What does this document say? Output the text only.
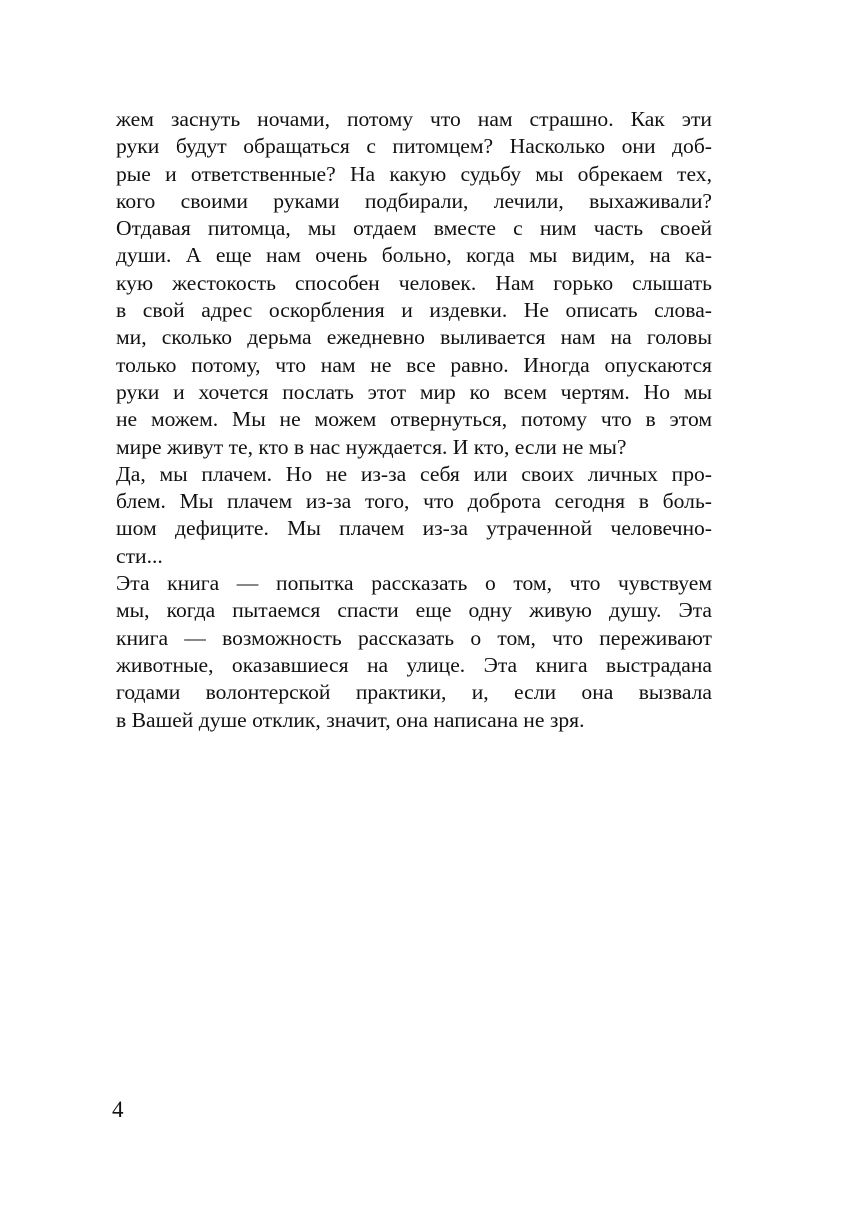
жем заснуть ночами, потому что нам страшно. Как эти
руки будут обращаться с питомцем? Насколько они доб-
рые и ответственные? На какую судьбу мы обрекаем тех,
кого своими руками подбирали, лечили, выхаживали?
Отдавая питомца, мы отдаем вместе с ним часть своей
души. А еще нам очень больно, когда мы видим, на ка-
кую жестокость способен человек. Нам горько слышать
в свой адрес оскорбления и издевки. Не описать слова-
ми, сколько дерьма ежедневно выливается нам на головы
только потому, что нам не все равно. Иногда опускаются
руки и хочется послать этот мир ко всем чертям. Но мы
не можем. Мы не можем отвернуться, потому что в этом
мире живут те, кто в нас нуждается. И кто, если не мы?
Да, мы плачем. Но не из-за себя или своих личных про-
блем. Мы плачем из-за того, что доброта сегодня в боль-
шом дефиците. Мы плачем из-за утраченной человечно-
сти...
Эта книга — попытка рассказать о том, что чувствуем
мы, когда пытаемся спасти еще одну живую душу. Эта
книга — возможность рассказать о том, что переживают
животные, оказавшиеся на улице. Эта книга выстрадана
годами волонтерской практики, и, если она вызвала
в Вашей душе отклик, значит, она написана не зря.
4
